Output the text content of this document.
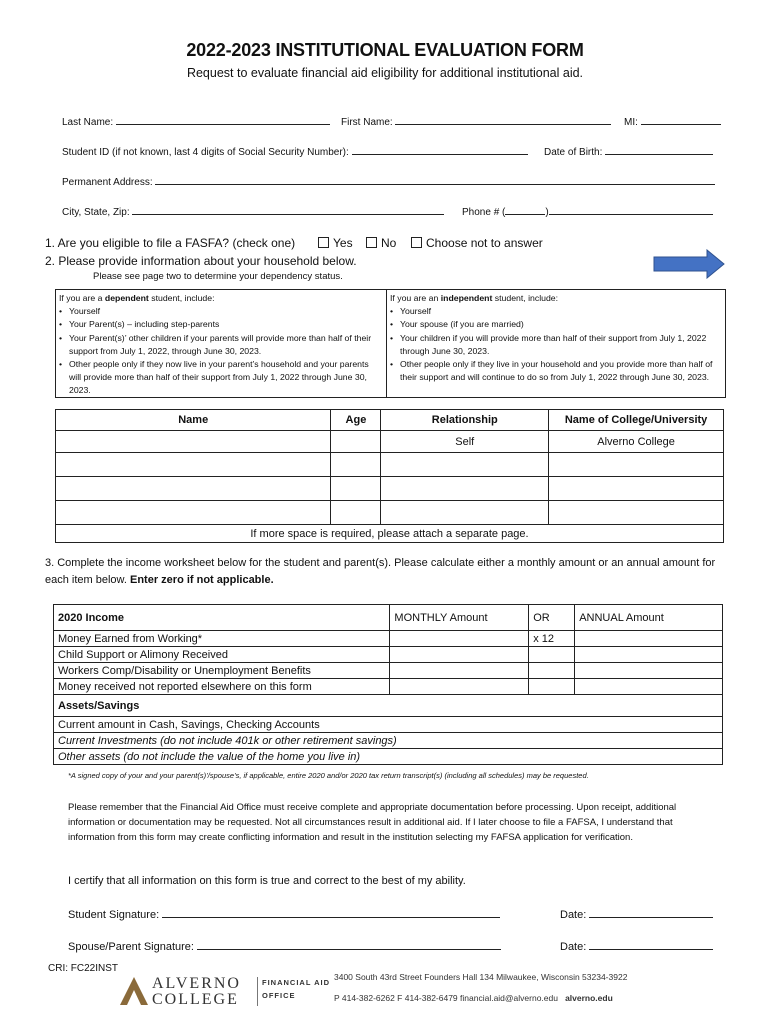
2022-2023 INSTITUTIONAL EVALUATION FORM
Request to evaluate financial aid eligibility for additional institutional aid.
Last Name:	First Name:	MI:
Student ID (if not known, last 4 digits of Social Security Number):	Date of Birth:
Permanent Address:
City, State, Zip:	Phone # (	)
1. Are you eligible to file a FASFA? (check one)	Yes	No	Choose not to answer
2. Please provide information about your household below.
Please see page two to determine your dependency status.
If you are a dependent student, include:
• Yourself
• Your Parent(s) – including step-parents
• Your Parent(s)’ other children if your parents will provide more than half of their support from July 1, 2022, through June 30, 2023.
• Other people only if they now live in your parent’s household and your parents will provide more than half of their support from July 1, 2022 through June 30, 2023.
If you are an independent student, include:
• Yourself
• Your spouse (if you are married)
• Your children if you will provide more than half of their support from July 1, 2022 through June 30, 2023.
• Other people only if they live in your household and you provide more than half of their support and will continue to do so from July 1, 2022 through June 30, 2023.
Name	Age	Relationship	Name of College/University
		Self	Alverno College

If more space is required, please attach a separate page.			
3. Complete the income worksheet below for the student and parent(s). Please calculate either a monthly amount or an annual amount for each item below. Enter zero if not applicable.
2020 Income	MONTHLY Amount	OR	ANNUAL Amount
Money Earned from Working*		x 12	
Child Support or Alimony Received			
Workers Comp/Disability or Unemployment Benefits			
Money received not reported elsewhere on this form			
Assets/Savings			
Current amount in Cash, Savings, Checking Accounts			
Current Investments (do not include 401k or other retirement savings)			
Other assets (do not include the value of the home you live in)			
*A signed copy of your and your parent(s)’/spouse’s, if applicable, entire 2020 and/or 2020 tax return transcript(s) (including all schedules) may be requested.
Please remember that the Financial Aid Office must receive complete and appropriate documentation before processing. Upon receipt, additional information or documentation may be requested. Not all circumstances result in additional aid. If I later choose to file a FAFSA, I understand that information from this form may create conflicting information and result in the institution selecting my FAFSA application for verification.
I certify that all information on this form is true and correct to the best of my ability.
Student Signature:	Date:
Spouse/Parent Signature:	Date:
CRI: FC22INST
ALVERNO
COLLEGE
FINANCIAL AID
OFFICE
3400 South 43rd Street Founders Hall 134 Milwaukee, Wisconsin 53234-3922
P 414-382-6262 F 414-382-6479 financial.aid@alverno.edu alverno.edu
